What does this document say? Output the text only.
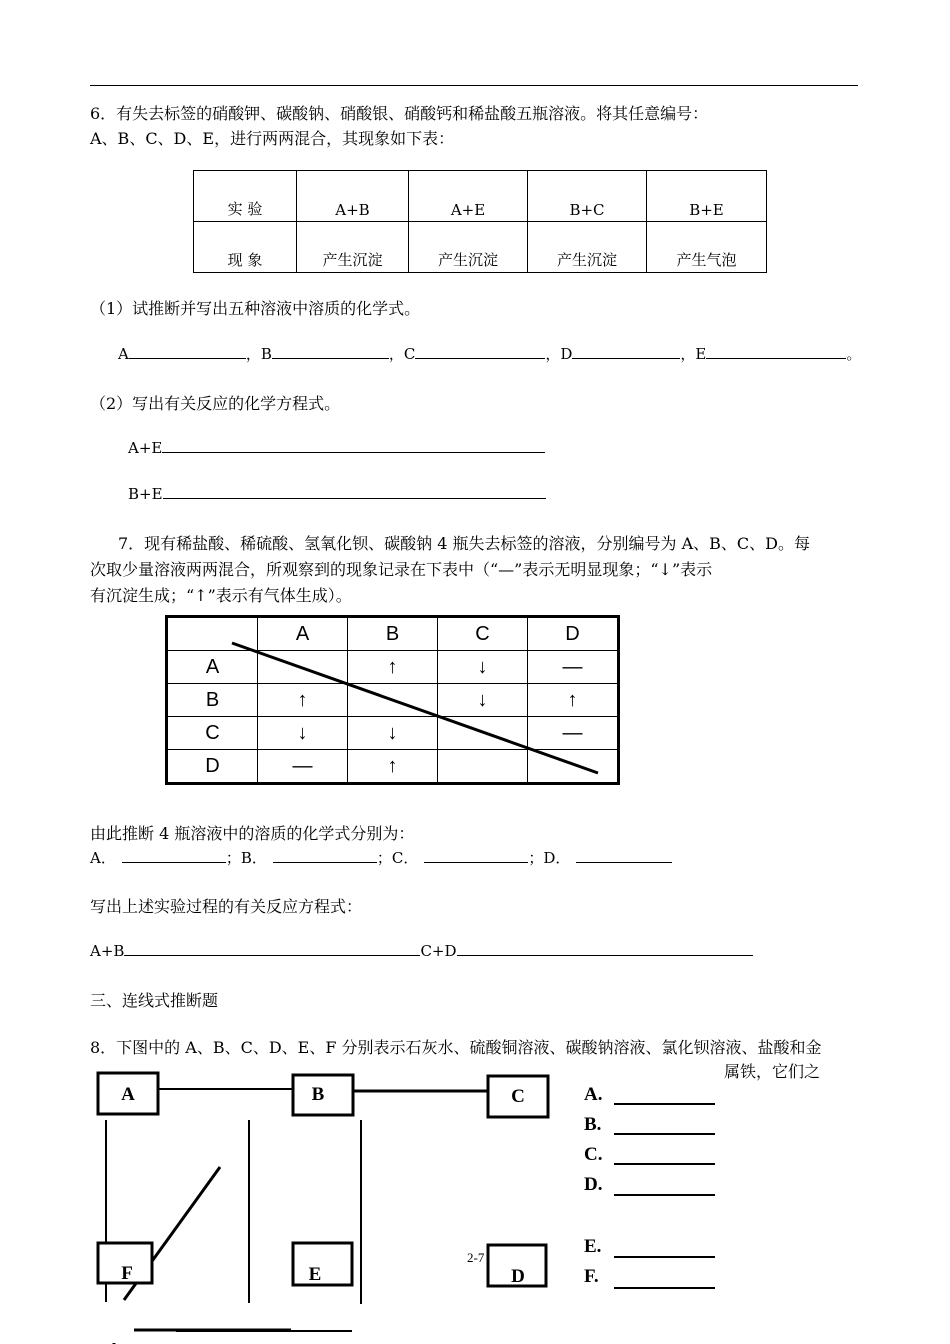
6．有失去标签的硝酸钾、碳酸钠、硝酸银、硝酸钙和稀盐酸五瓶溶液。将其任意编号：
A、B、C、D、E，进行两两混合，其现象如下表：
实 验	A+B	A+E	B+C	B+E
现 象	产生沉淀	产生沉淀	产生沉淀	产生气泡
（1）试推断并写出五种溶液中溶质的化学式。
A	，B	，C	，D	，E	。
（2）写出有关反应的化学方程式。
A+E
B+E
7．现有稀盐酸、稀硫酸、氢氧化钡、碳酸钠 4 瓶失去标签的溶液，分别编号为 A、B、C、D。每
次取少量溶液两两混合，所观察到的现象记录在下表中（“—”表示无明显现象；“↓”表示
有沉淀生成；“↑”表示有气体生成）。
	A	B	C	D
A		↑	↓	—
B	↑		↓	↑
C	↓	↓		—
D	—	↑		
由此推断 4 瓶溶液中的溶质的化学式分别为：
A．	；B．	；C．	；D．
写出上述实验过程的有关反应方程式：
A+B	C+D
三、连线式推断题
8．下图中的 A、B、C、D、E、F 分别表示石灰水、硫酸铜溶液、碳酸钠溶液、氯化钡溶液、盐酸和金
属铁，它们之
A	B	C
D
E
F
2-7
A.
B.
C.
D.
E.
F.
